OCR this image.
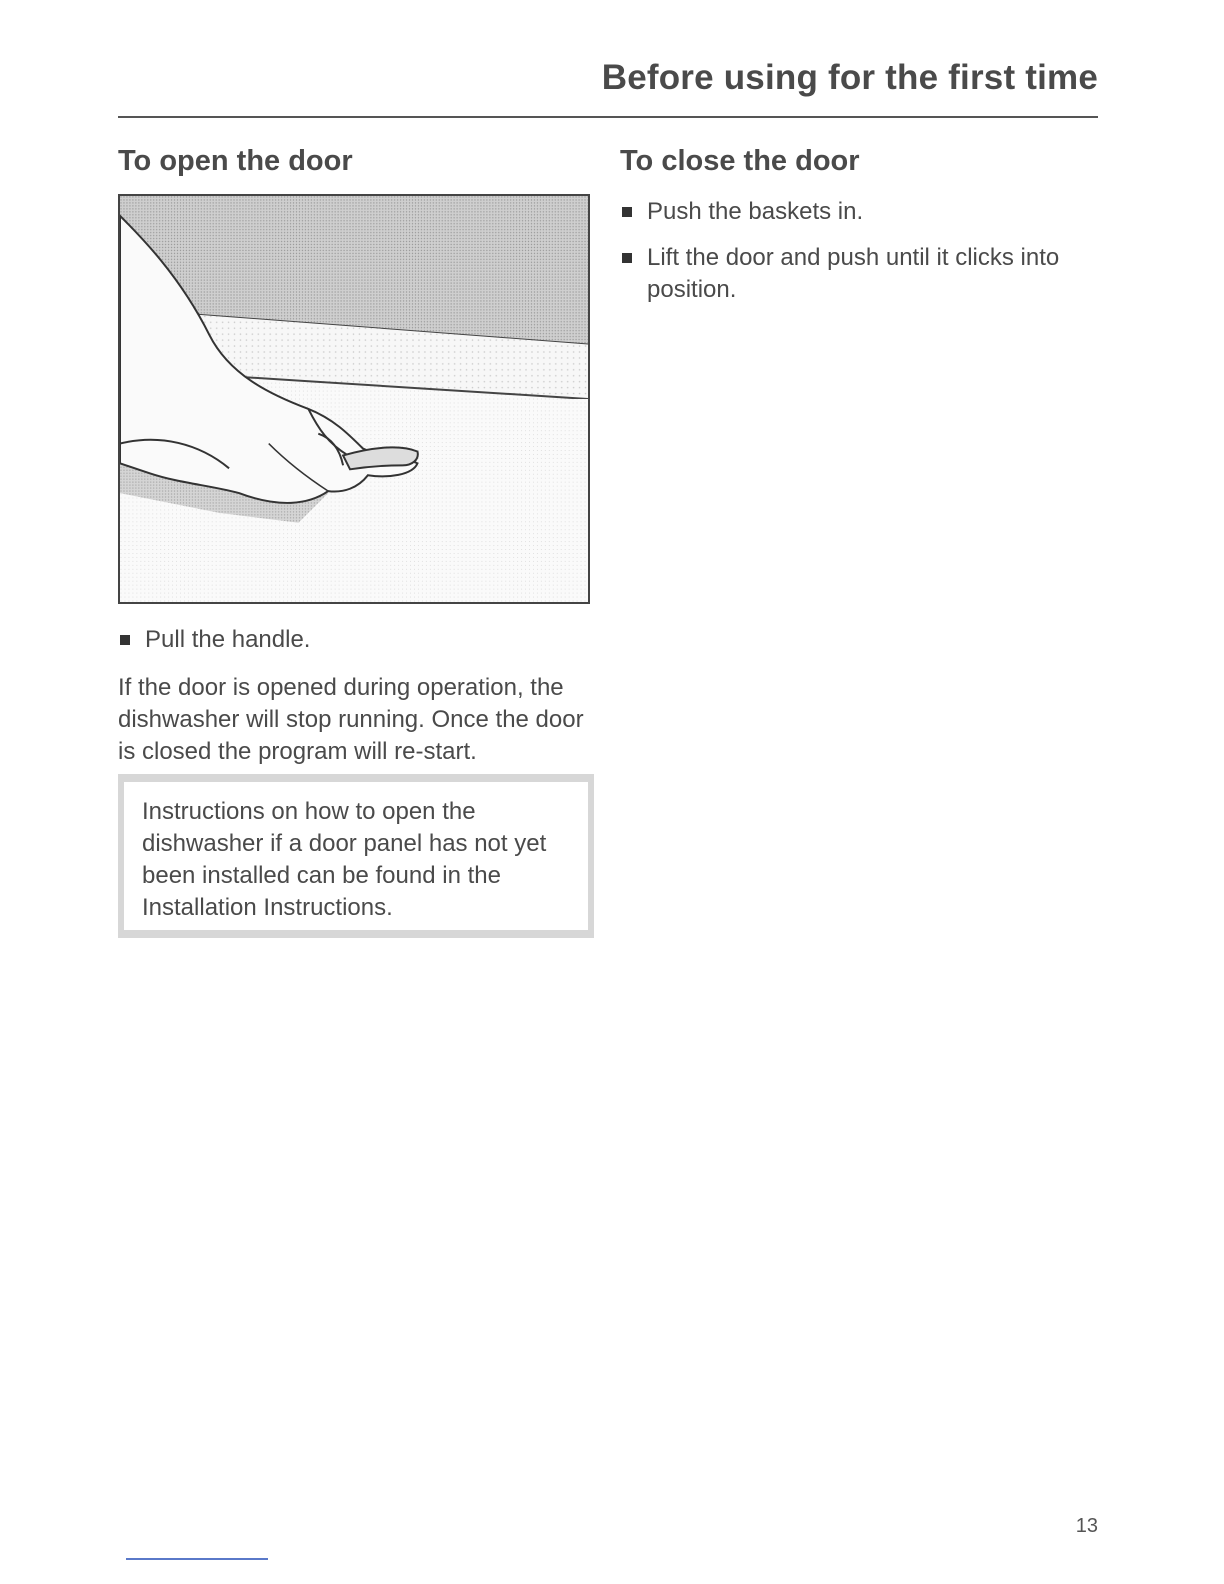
Before using for the first time
To open the door
Pull the handle.

If the door is opened during operation, the dishwasher will stop running. Once the door is closed the program will re-start.

Instructions on how to open the dishwasher if a door panel has not yet been installed can be found in the Installation Instructions.
To close the door
Push the baskets in.
Lift the door and push until it clicks into position.
13
